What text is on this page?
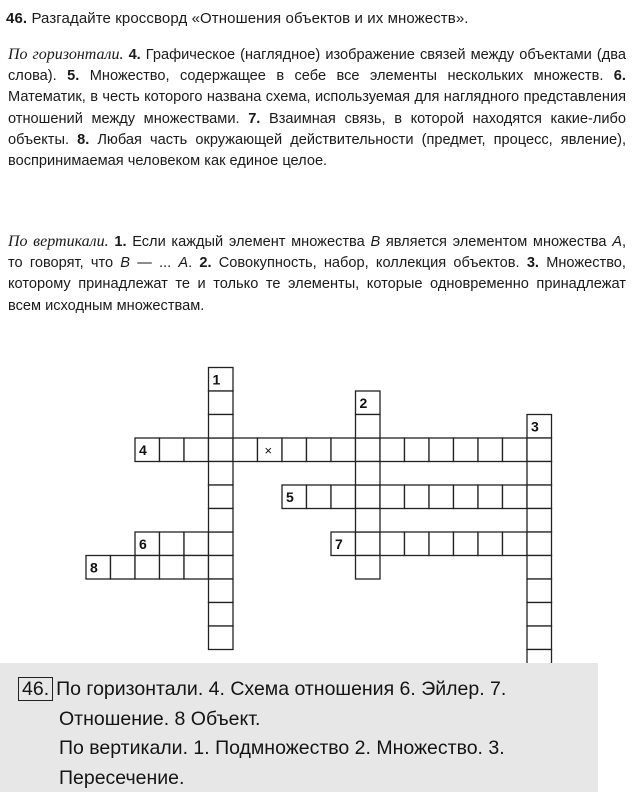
46. Разгадайте кроссворд «Отношения объектов и их множеств».
По горизонтали. 4. Графическое (наглядное) изображение связей между объектами (два слова). 5. Множество, содержащее в себе все элементы нескольких множеств. 6. Математик, в честь которого названа схема, используемая для наглядного представления отношений между множествами. 7. Взаимная связь, в которой находятся какие-либо объекты. 8. Любая часть окружающей действительности (предмет, процесс, явление), воспринимаемая человеком как единое целое.
По вертикали. 1. Если каждый элемент множества В является элементом множества А, то говорят, что В — ... А. 2. Совокупность, набор, коллекция объектов. 3. Множество, которому принадлежат те и только те элементы, которые одновременно принадлежат всем исходным множествам.
1
2
3
4
5
6	7
8
×
46. По горизонтали. 4. Схема отношения 6. Эйлер. 7.
Отношение. 8 Объект.
По вертикали. 1. Подмножество 2. Множество. 3.
Пересечение.
